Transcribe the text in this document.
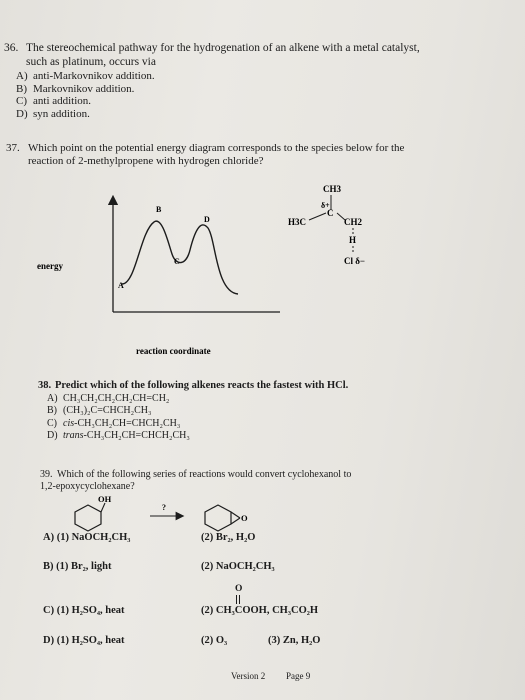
36. The stereochemical pathway for the hydrogenation of an alkene with a metal catalyst,
such as platinum, occurs via
A) anti-Markovnikov addition.
B) Markovnikov addition.
C) anti addition.
D) syn addition.
37. Which point on the potential energy diagram corresponds to the species below for the
reaction of 2-methylpropene with hydrogen chloride?
energy
reaction coordinate
A
B
C
D
CH3
δ+
C
H3C	CH2
H
Cl δ−
38. Predict which of the following alkenes reacts the fastest with HCl.
A) CH₃CH₂CH₂CH₂CH=CH₂
B) (CH₃)₂C=CHCH₂CH₃
C) cis-CH₃CH₂CH=CHCH₂CH₃
D) trans-CH₃CH₂CH=CHCH₂CH₃
39. Which of the following series of reactions would convert cyclohexanol to
1,2-epoxycyclohexane?
OH
?
O
A) (1) NaOCH₂CH₃	(2) Br₂, H₂O
B) (1) Br₂, light	(2) NaOCH₂CH₃
O
C) (1) H₂SO₄, heat	(2) CH₃COOH, CH₃CO₂H
D) (1) H₂SO₄, heat	(2) O₃	(3) Zn, H₂O
Version 2 Page 9
